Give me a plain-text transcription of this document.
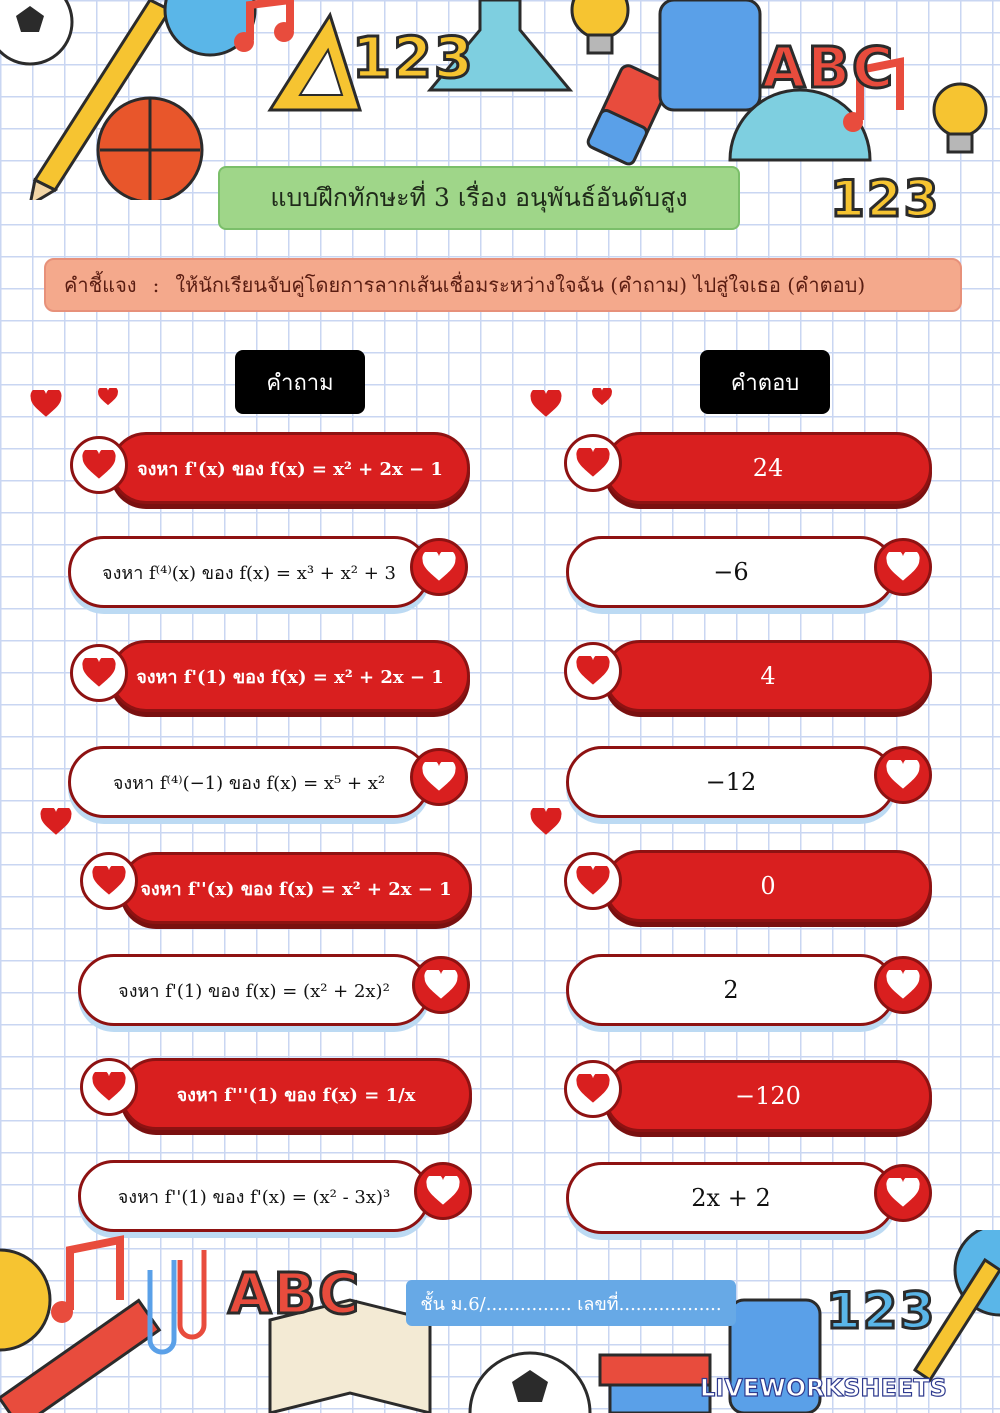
123	ABC
123
แบบฝึกทักษะที่ 3 เรื่อง อนุพันธ์อันดับสูง
คำชี้แจง : ให้นักเรียนจับคู่โดยการลากเส้นเชื่อมระหว่างใจฉัน (คำถาม) ไปสู่ใจเธอ (คำตอบ)
คำถาม	คำตอบ
จงหา f'(x) ของ f(x) = x² + 2x − 1
จงหา f⁽⁴⁾(x) ของ f(x) = x³ + x² + 3
จงหา f'(1) ของ f(x) = x² + 2x − 1
จงหา f⁽⁴⁾(−1) ของ f(x) = x⁵ + x²
จงหา f''(x) ของ f(x) = x² + 2x − 1
จงหา f'(1) ของ f(x) = (x² + 2x)²
จงหา f'''(1) ของ f(x) = 1/x
จงหา f''(1) ของ f'(x) = (x² - 3x)³
24
−6
4
−12
0
2
−120
2x + 2
ABC	123
ชั้น ม.6/............... เลขที่..................
LIVEWORKSHEETS
